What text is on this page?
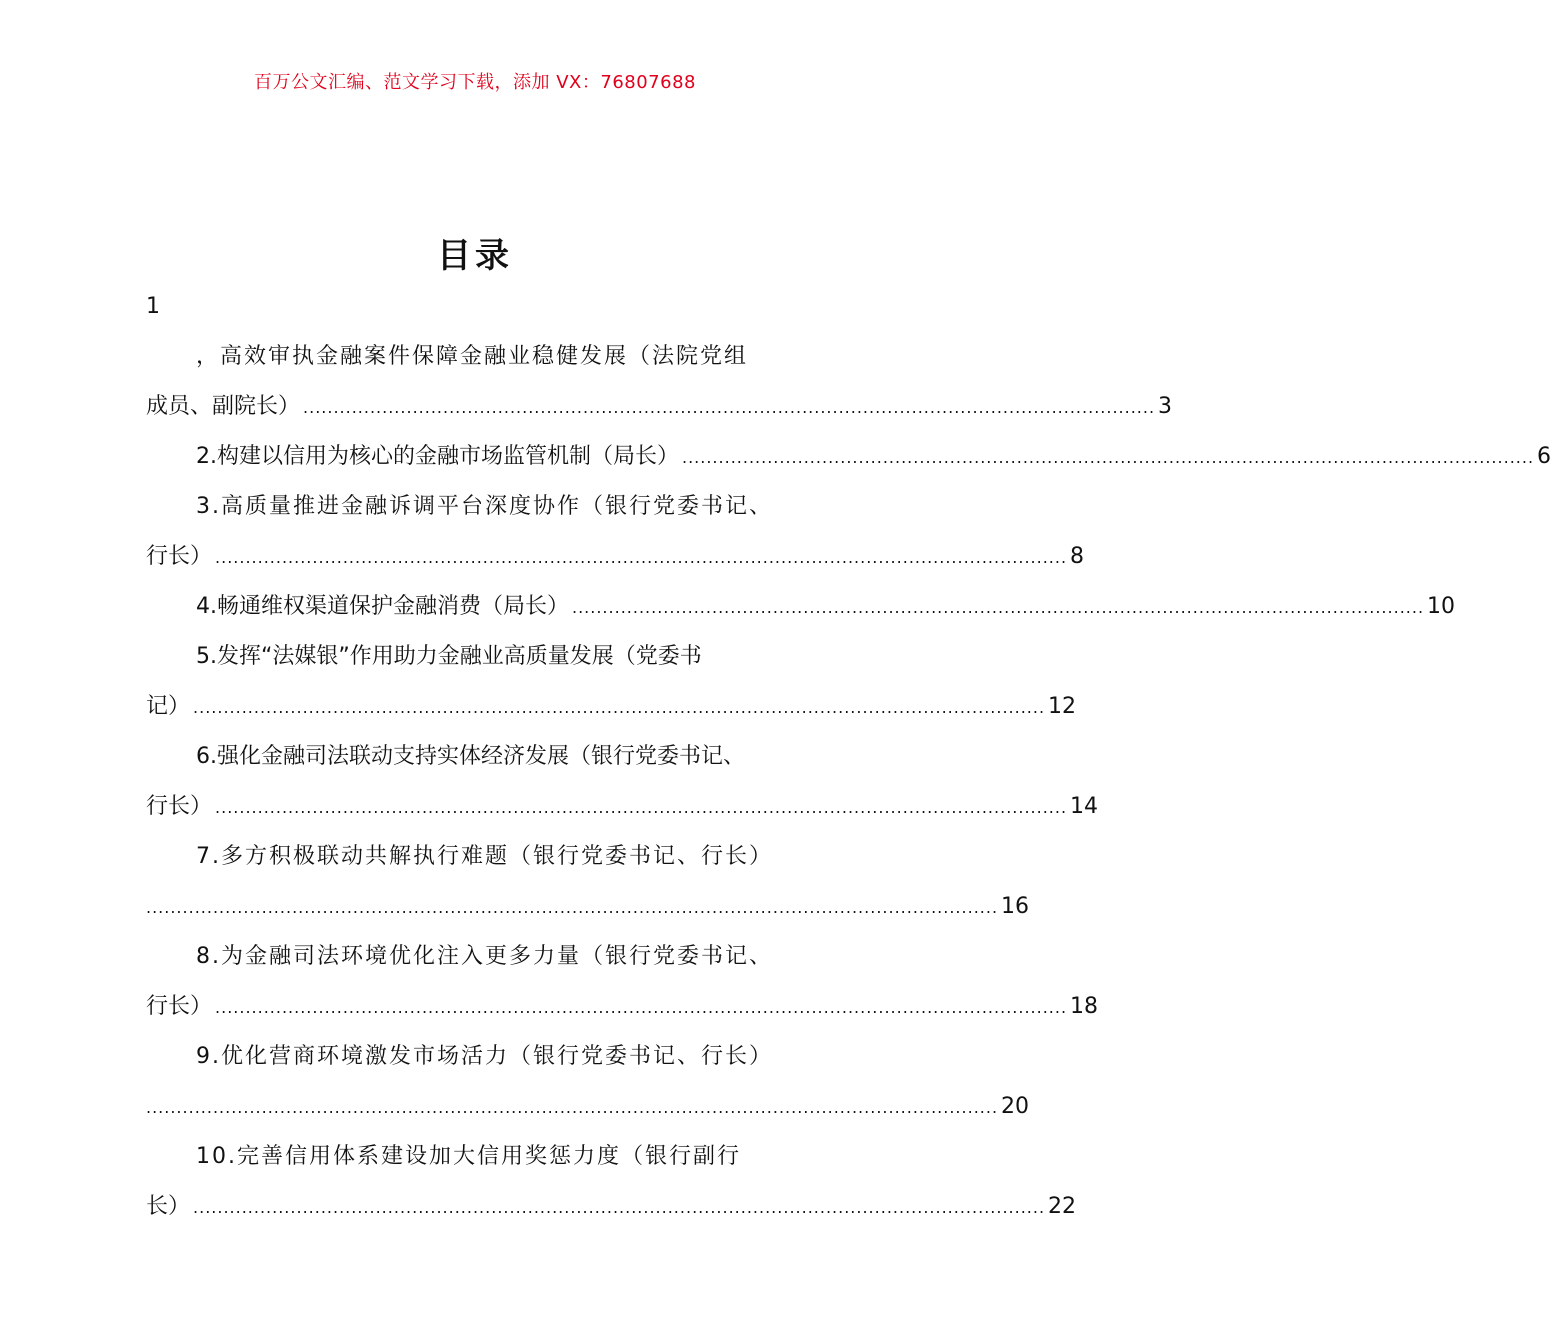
百万公文汇编、范文学习下载，添加 VX：76807688
目录
1
，高效审执金融案件保障金融业稳健发展（法院党组
成员、副院长） ............................................................................................................................................ 3
2.构建以信用为核心的金融市场监管机制（局长） ............................................................................................................................................ 6
3.高质量推进金融诉调平台深度协作（银行党委书记、
行长） ............................................................................................................................................ 8
4.畅通维权渠道保护金融消费（局长） ............................................................................................................................................ 10
5.发挥“法媒银”作用助力金融业高质量发展（党委书
记） ............................................................................................................................................ 12
6.强化金融司法联动支持实体经济发展（银行党委书记、
行长） ............................................................................................................................................ 14
7.多方积极联动共解执行难题（银行党委书记、行长）
............................................................................................................................................ 16
8.为金融司法环境优化注入更多力量（银行党委书记、
行长） ............................................................................................................................................ 18
9.优化营商环境激发市场活力（银行党委书记、行长）
............................................................................................................................................ 20
10.完善信用体系建设加大信用奖惩力度（银行副行
长） ............................................................................................................................................ 22
